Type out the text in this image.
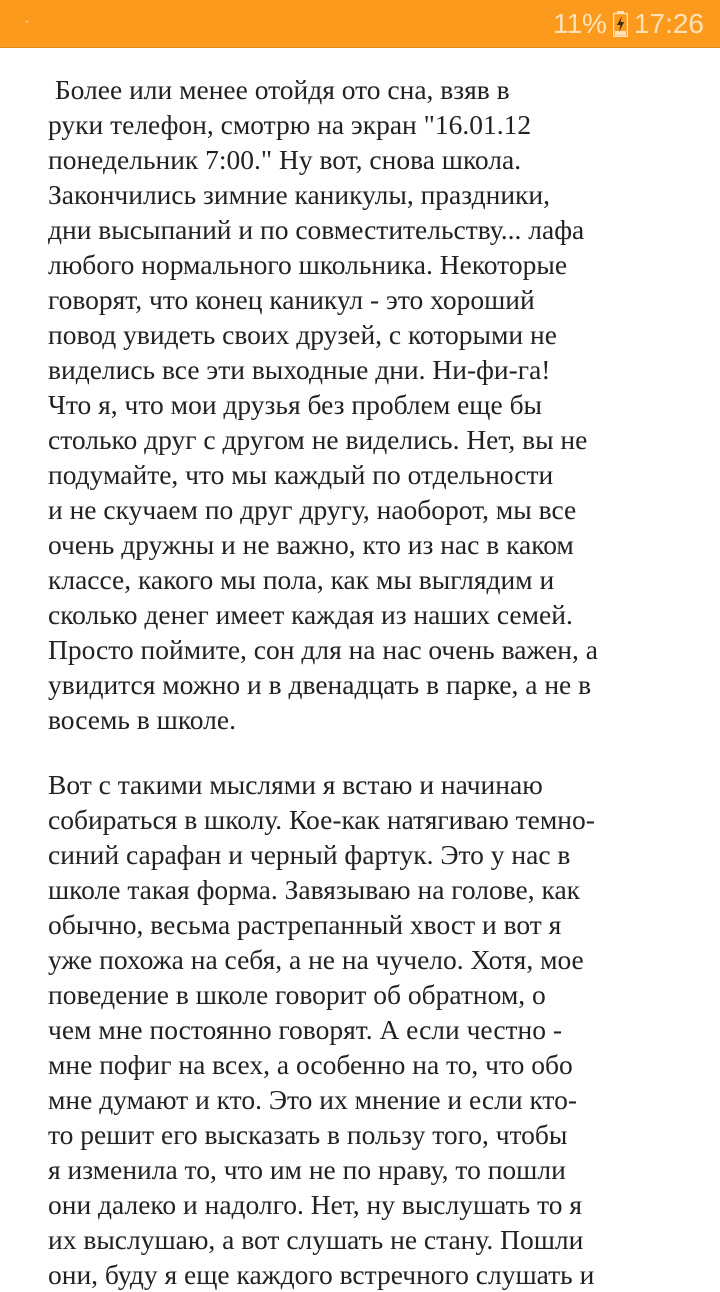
•	11% 17:26
Более или менее отойдя ото сна, взяв в
руки телефон, смотрю на экран "16.01.12
понедельник 7:00." Ну вот, снова школа.
Закончились зимние каникулы, праздники,
дни высыпаний и по совместительству... лафа
любого нормального школьника. Некоторые
говорят, что конец каникул - это хороший
повод увидеть своих друзей, с которыми не
виделись все эти выходные дни. Ни-фи-га!
Что я, что мои друзья без проблем еще бы
столько друг с другом не виделись. Нет, вы не
подумайте, что мы каждый по отдельности
и не скучаем по друг другу, наоборот, мы все
очень дружны и не важно, кто из нас в каком
классе, какого мы пола, как мы выглядим и
сколько денег имеет каждая из наших семей.
Просто поймите, сон для на нас очень важен, а
увидится можно и в двенадцать в парке, а не в
восемь в школе.
Вот с такими мыслями я встаю и начинаю
собираться в школу. Кое-как натягиваю темно-
синий сарафан и черный фартук. Это у нас в
школе такая форма. Завязываю на голове, как
обычно, весьма растрепанный хвост и вот я
уже похожа на себя, а не на чучело. Хотя, мое
поведение в школе говорит об обратном, о
чем мне постоянно говорят. А если честно -
мне пофиг на всех, а особенно на то, что обо
мне думают и кто. Это их мнение и если кто-
то решит его высказать в пользу того, чтобы
я изменила то, что им не по нраву, то пошли
они далеко и надолго. Нет, ну выслушать то я
их выслушаю, а вот слушать не стану. Пошли
они, буду я еще каждого встречного слушать и
